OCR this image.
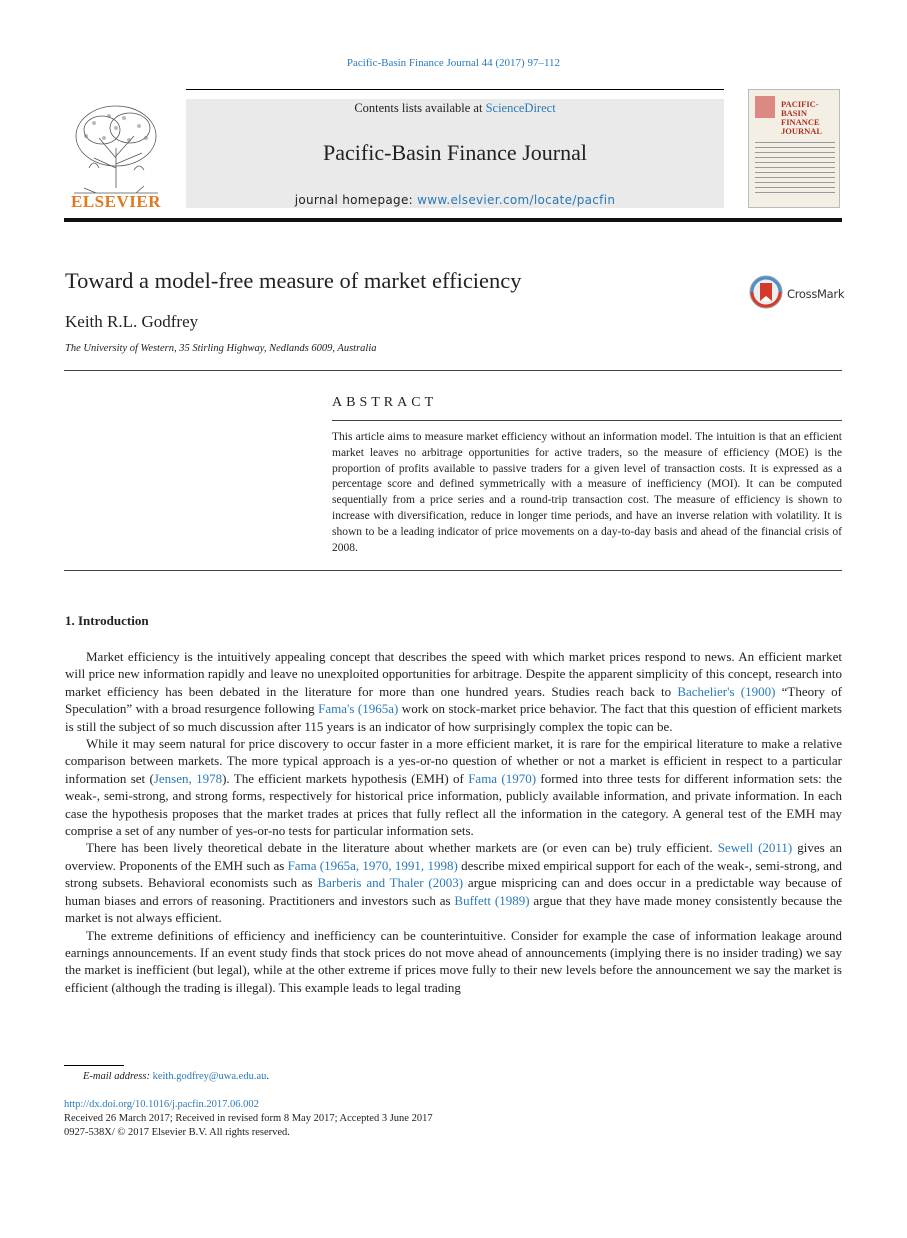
Pacific-Basin Finance Journal 44 (2017) 97–112
ELSEVIER
Contents lists available at ScienceDirect
Pacific-Basin Finance Journal
journal homepage: www.elsevier.com/locate/pacfin
PACIFIC-BASIN FINANCE JOURNAL
Toward a model-free measure of market efficiency
Keith R.L. Godfrey
The University of Western, 35 Stirling Highway, Nedlands 6009, Australia
CrossMark
ABSTRACT
This article aims to measure market efficiency without an information model. The intuition is that an efficient market leaves no arbitrage opportunities for active traders, so the measure of efficiency (MOE) is the proportion of profits available to passive traders for a given level of transaction costs. It is expressed as a percentage score and defined symmetrically with a measure of inefficiency (MOI). It can be computed sequentially from a price series and a round-trip transaction cost. The measure of efficiency is shown to increase with diversification, reduce in longer time periods, and have an inverse relation with volatility. It is shown to be a leading indicator of price movements on a day-to-day basis and ahead of the financial crisis of 2008.
1. Introduction

Market efficiency is the intuitively appealing concept that describes the speed with which market prices respond to news. An efficient market will price new information rapidly and leave no unexploited opportunities for arbitrage. Despite the apparent simplicity of this concept, research into market efficiency has been debated in the literature for more than one hundred years. Studies reach back to Bachelier's (1900) “Theory of Speculation” with a broad resurgence following Fama's (1965a) work on stock-market price behavior. The fact that this question of efficient markets is still the subject of so much discussion after 115 years is an indicator of how surprisingly complex the topic can be.

While it may seem natural for price discovery to occur faster in a more efficient market, it is rare for the empirical literature to make a relative comparison between markets. The more typical approach is a yes-or-no question of whether or not a market is efficient in respect to a particular information set (Jensen, 1978). The efficient markets hypothesis (EMH) of Fama (1970) formed into three tests for different information sets: the weak-, semi-strong, and strong forms, respectively for historical price information, publicly available information, and private information. In each case the hypothesis proposes that the market trades at prices that fully reflect all the information in the category. A general test of the EMH may comprise a set of any number of yes-or-no tests for particular information sets.

There has been lively theoretical debate in the literature about whether markets are (or even can be) truly efficient. Sewell (2011) gives an overview. Proponents of the EMH such as Fama (1965a, 1970, 1991, 1998) describe mixed empirical support for each of the weak-, semi-strong, and strong subsets. Behavioral economists such as Barberis and Thaler (2003) argue mispricing can and does occur in a predictable way because of human biases and errors of reasoning. Practitioners and investors such as Buffett (1989) argue that they have made money consistently because the market is not always efficient.

The extreme definitions of efficiency and inefficiency can be counterintuitive. Consider for example the case of information leakage around earnings announcements. If an event study finds that stock prices do not move ahead of announcements (implying there is no insider trading) we say the market is inefficient (but legal), while at the other extreme if prices move fully to their new levels before the announcement we say the market is efficient (although the trading is illegal). This example leads to legal trading

E-mail address: keith.godfrey@uwa.edu.au.
http://dx.doi.org/10.1016/j.pacfin.2017.06.002
Received 26 March 2017; Received in revised form 8 May 2017; Accepted 3 June 2017
0927-538X/ © 2017 Elsevier B.V. All rights reserved.
